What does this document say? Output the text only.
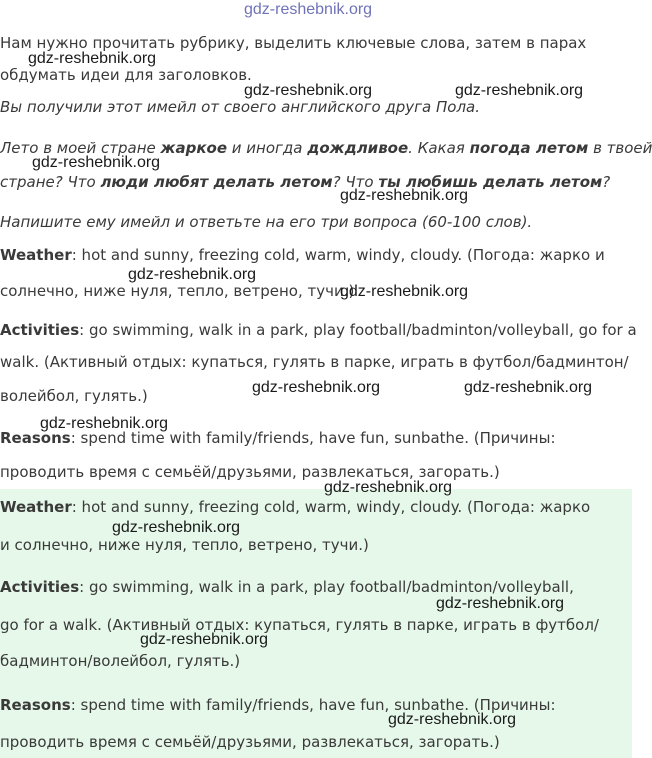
gdz-reshebnik.org
Нам нужно прочитать рубрику, выделить ключевые слова, затем в парах
обдумать идеи для заголовков.
Вы получили этот имейл от своего английского друга Пола.
Лето в моей стране жаркое и иногда дождливое. Какая погода летом в твоей
стране? Что люди любят делать летом? Что ты любишь делать летом?
Напишите ему имейл и ответьте на его три вопроса (60-100 слов).
Weather: hot and sunny, freezing cold, warm, windy, cloudy. (Погода: жарко и
солнечно, ниже нуля, тепло, ветрено, тучи.)
Activities: go swimming, walk in a park, play football/badminton/volleyball, go for a
walk. (Активный отдых: купаться, гулять в парке, играть в футбол/бадминтон/
волейбол, гулять.)
Reasons: spend time with family/friends, have fun, sunbathe. (Причины:
проводить время с семьёй/друзьями, развлекаться, загорать.)
Weather: hot and sunny, freezing cold, warm, windy, cloudy. (Погода: жарко
и солнечно, ниже нуля, тепло, ветрено, тучи.)
Activities: go swimming, walk in a park, play football/badminton/volleyball,
go for a walk. (Активный отдых: купаться, гулять в парке, играть в футбол/
бадминтон/волейбол, гулять.)
Reasons: spend time with family/friends, have fun, sunbathe. (Причины:
проводить время с семьёй/друзьями, развлекаться, загорать.)
gdz-reshebnik.org
gdz-reshebnik.org	gdz-reshebnik.org
gdz-reshebnik.org
gdz-reshebnik.org
gdz-reshebnik.org
gdz-reshebnik.org
gdz-reshebnik.org	gdz-reshebnik.org
gdz-reshebnik.org
gdz-reshebnik.org
gdz-reshebnik.org
gdz-reshebnik.org
gdz-reshebnik.org
gdz-reshebnik.org
